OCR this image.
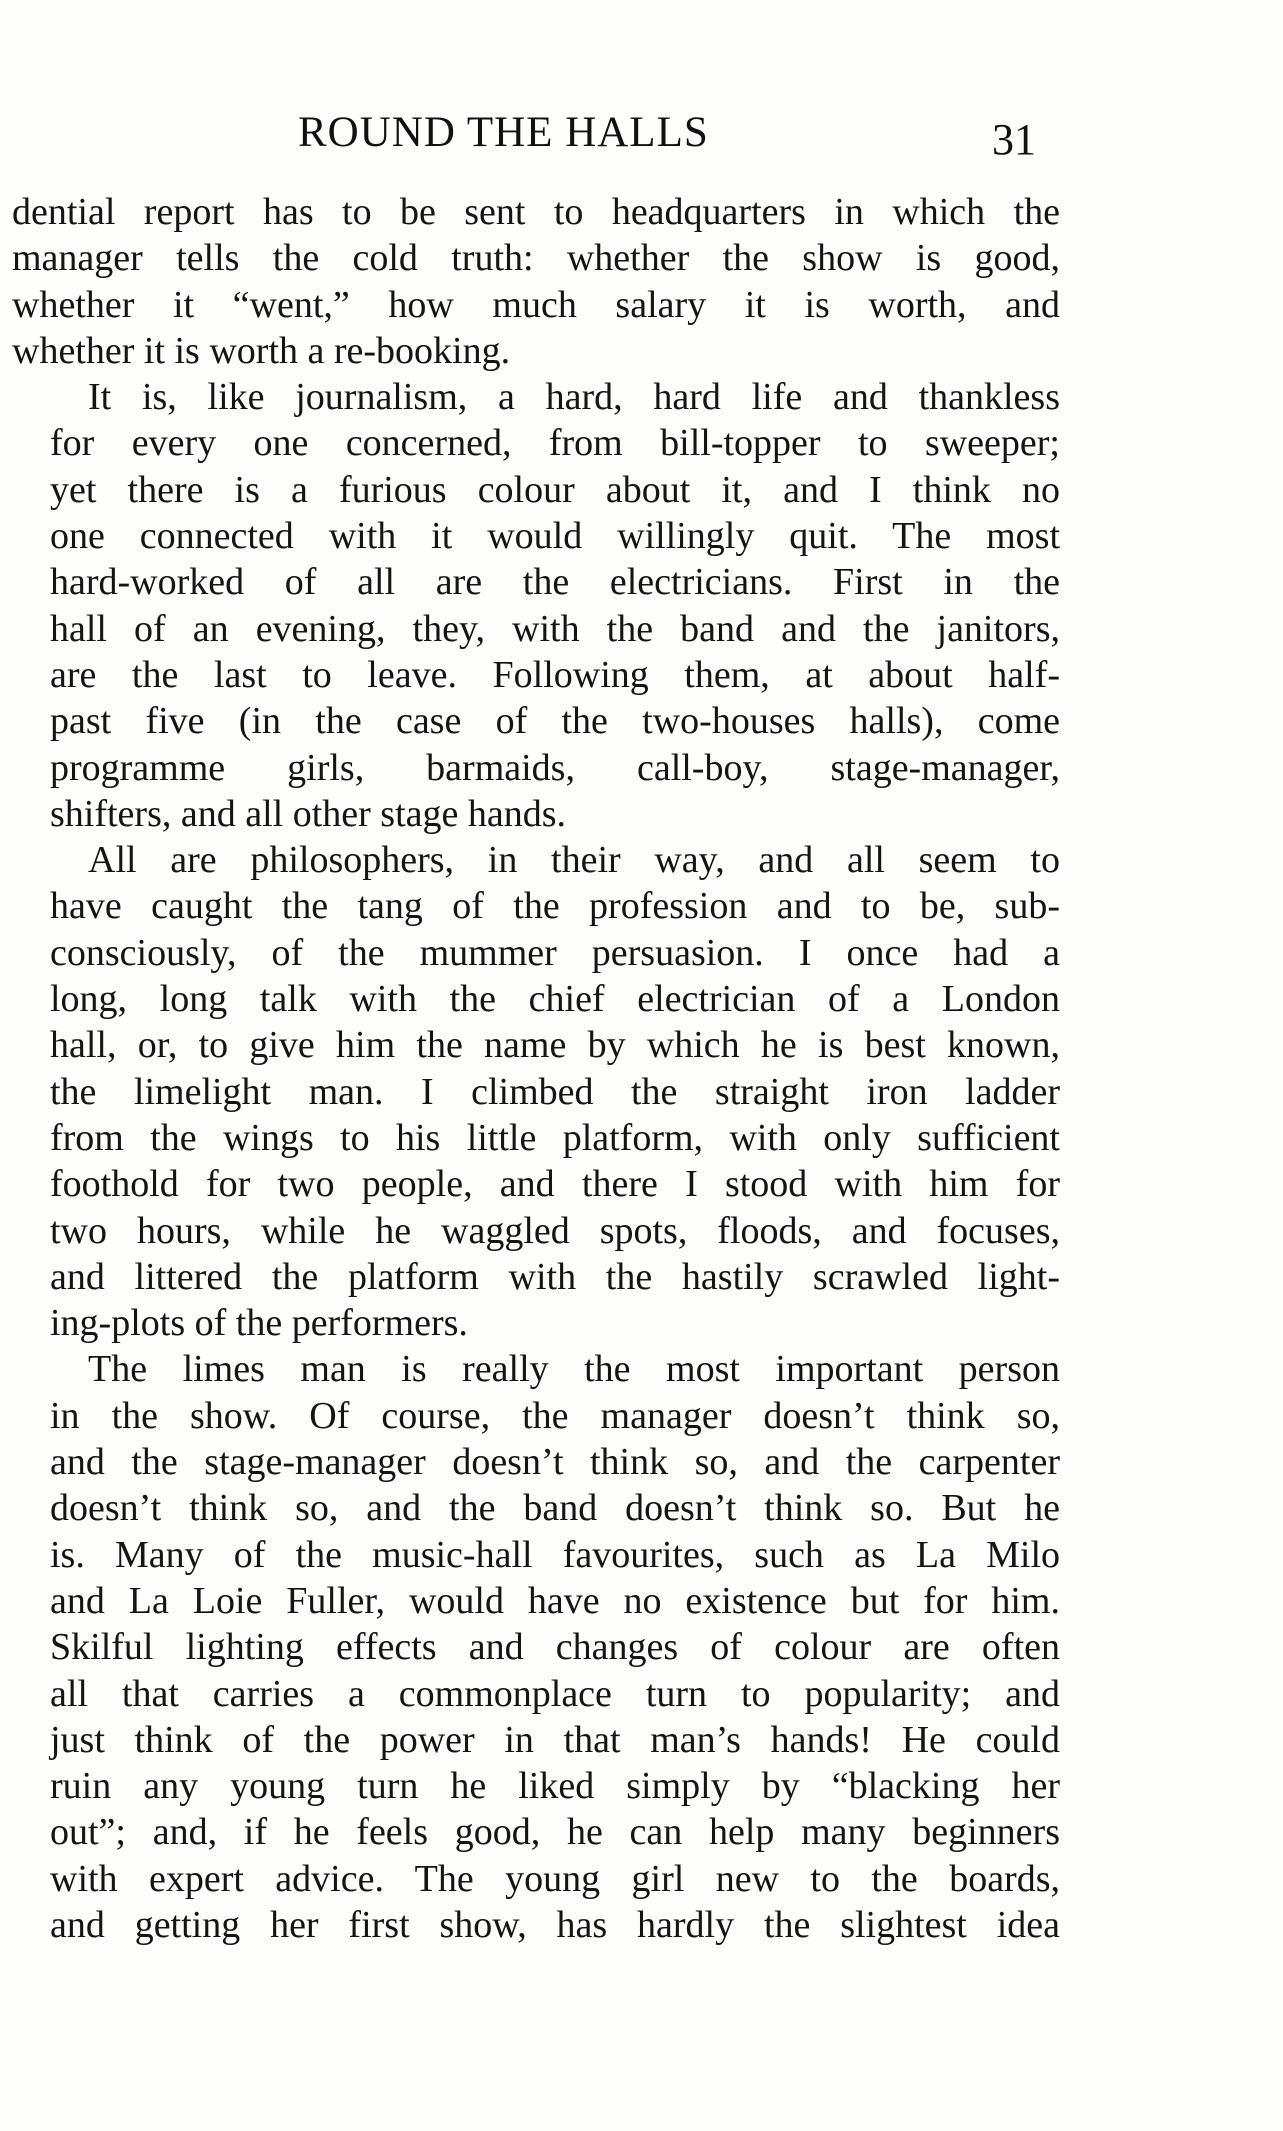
ROUND THE HALLS	31

dential report has to be sent to headquarters in which the
manager tells the cold truth: whether the show is good,
whether it “went,” how much salary it is worth, and
whether it is worth a re-booking.

It is, like journalism, a hard, hard life and thankless
for every one concerned, from bill-topper to sweeper;
yet there is a furious colour about it, and I think no
one connected with it would willingly quit. The most
hard-worked of all are the electricians. First in the
hall of an evening, they, with the band and the janitors,
are the last to leave. Following them, at about half-
past five (in the case of the two-houses halls), come
programme girls, barmaids, call-boy, stage-manager,
shifters, and all other stage hands.

All are philosophers, in their way, and all seem to
have caught the tang of the profession and to be, sub-
consciously, of the mummer persuasion. I once had a
long, long talk with the chief electrician of a London
hall, or, to give him the name by which he is best known,
the limelight man. I climbed the straight iron ladder
from the wings to his little platform, with only sufficient
foothold for two people, and there I stood with him for
two hours, while he waggled spots, floods, and focuses,
and littered the platform with the hastily scrawled light-
ing-plots of the performers.

The limes man is really the most important person
in the show. Of course, the manager doesn’t think so,
and the stage-manager doesn’t think so, and the carpenter
doesn’t think so, and the band doesn’t think so. But he
is. Many of the music-hall favourites, such as La Milo
and La Loie Fuller, would have no existence but for him.
Skilful lighting effects and changes of colour are often
all that carries a commonplace turn to popularity; and
just think of the power in that man’s hands! He could
ruin any young turn he liked simply by “blacking her
out”; and, if he feels good, he can help many beginners
with expert advice. The young girl new to the boards,
and getting her first show, has hardly the slightest idea
